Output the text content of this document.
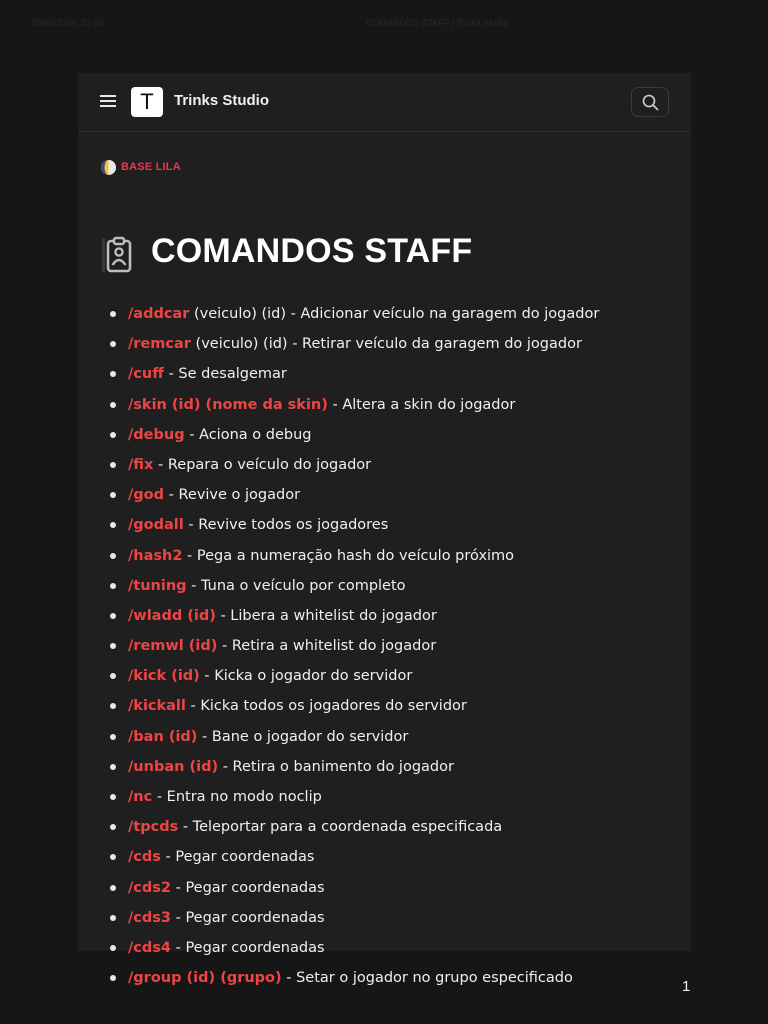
20/05/2025, 22:28	COMANDOS STAFF | Trinks Studio
T	Trinks Studio
BASE LILA
COMANDOS STAFF
/addcar (veiculo) (id) - Adicionar veículo na garagem do jogador
/remcar (veiculo) (id) - Retirar veículo da garagem do jogador
/cuff - Se desalgemar
/skin (id) (nome da skin) - Altera a skin do jogador
/debug - Aciona o debug
/fix - Repara o veículo do jogador
/god - Revive o jogador
/godall - Revive todos os jogadores
/hash2 - Pega a numeração hash do veículo próximo
/tuning - Tuna o veículo por completo
/wladd (id) - Libera a whitelist do jogador
/remwl (id) - Retira a whitelist do jogador
/kick (id) - Kicka o jogador do servidor
/kickall - Kicka todos os jogadores do servidor
/ban (id) - Bane o jogador do servidor
/unban (id) - Retira o banimento do jogador
/nc - Entra no modo noclip
/tpcds - Teleportar para a coordenada especificada
/cds - Pegar coordenadas
/cds2 - Pegar coordenadas
/cds3 - Pegar coordenadas
/cds4 - Pegar coordenadas
/group (id) (grupo) - Setar o jogador no grupo especificado	1
